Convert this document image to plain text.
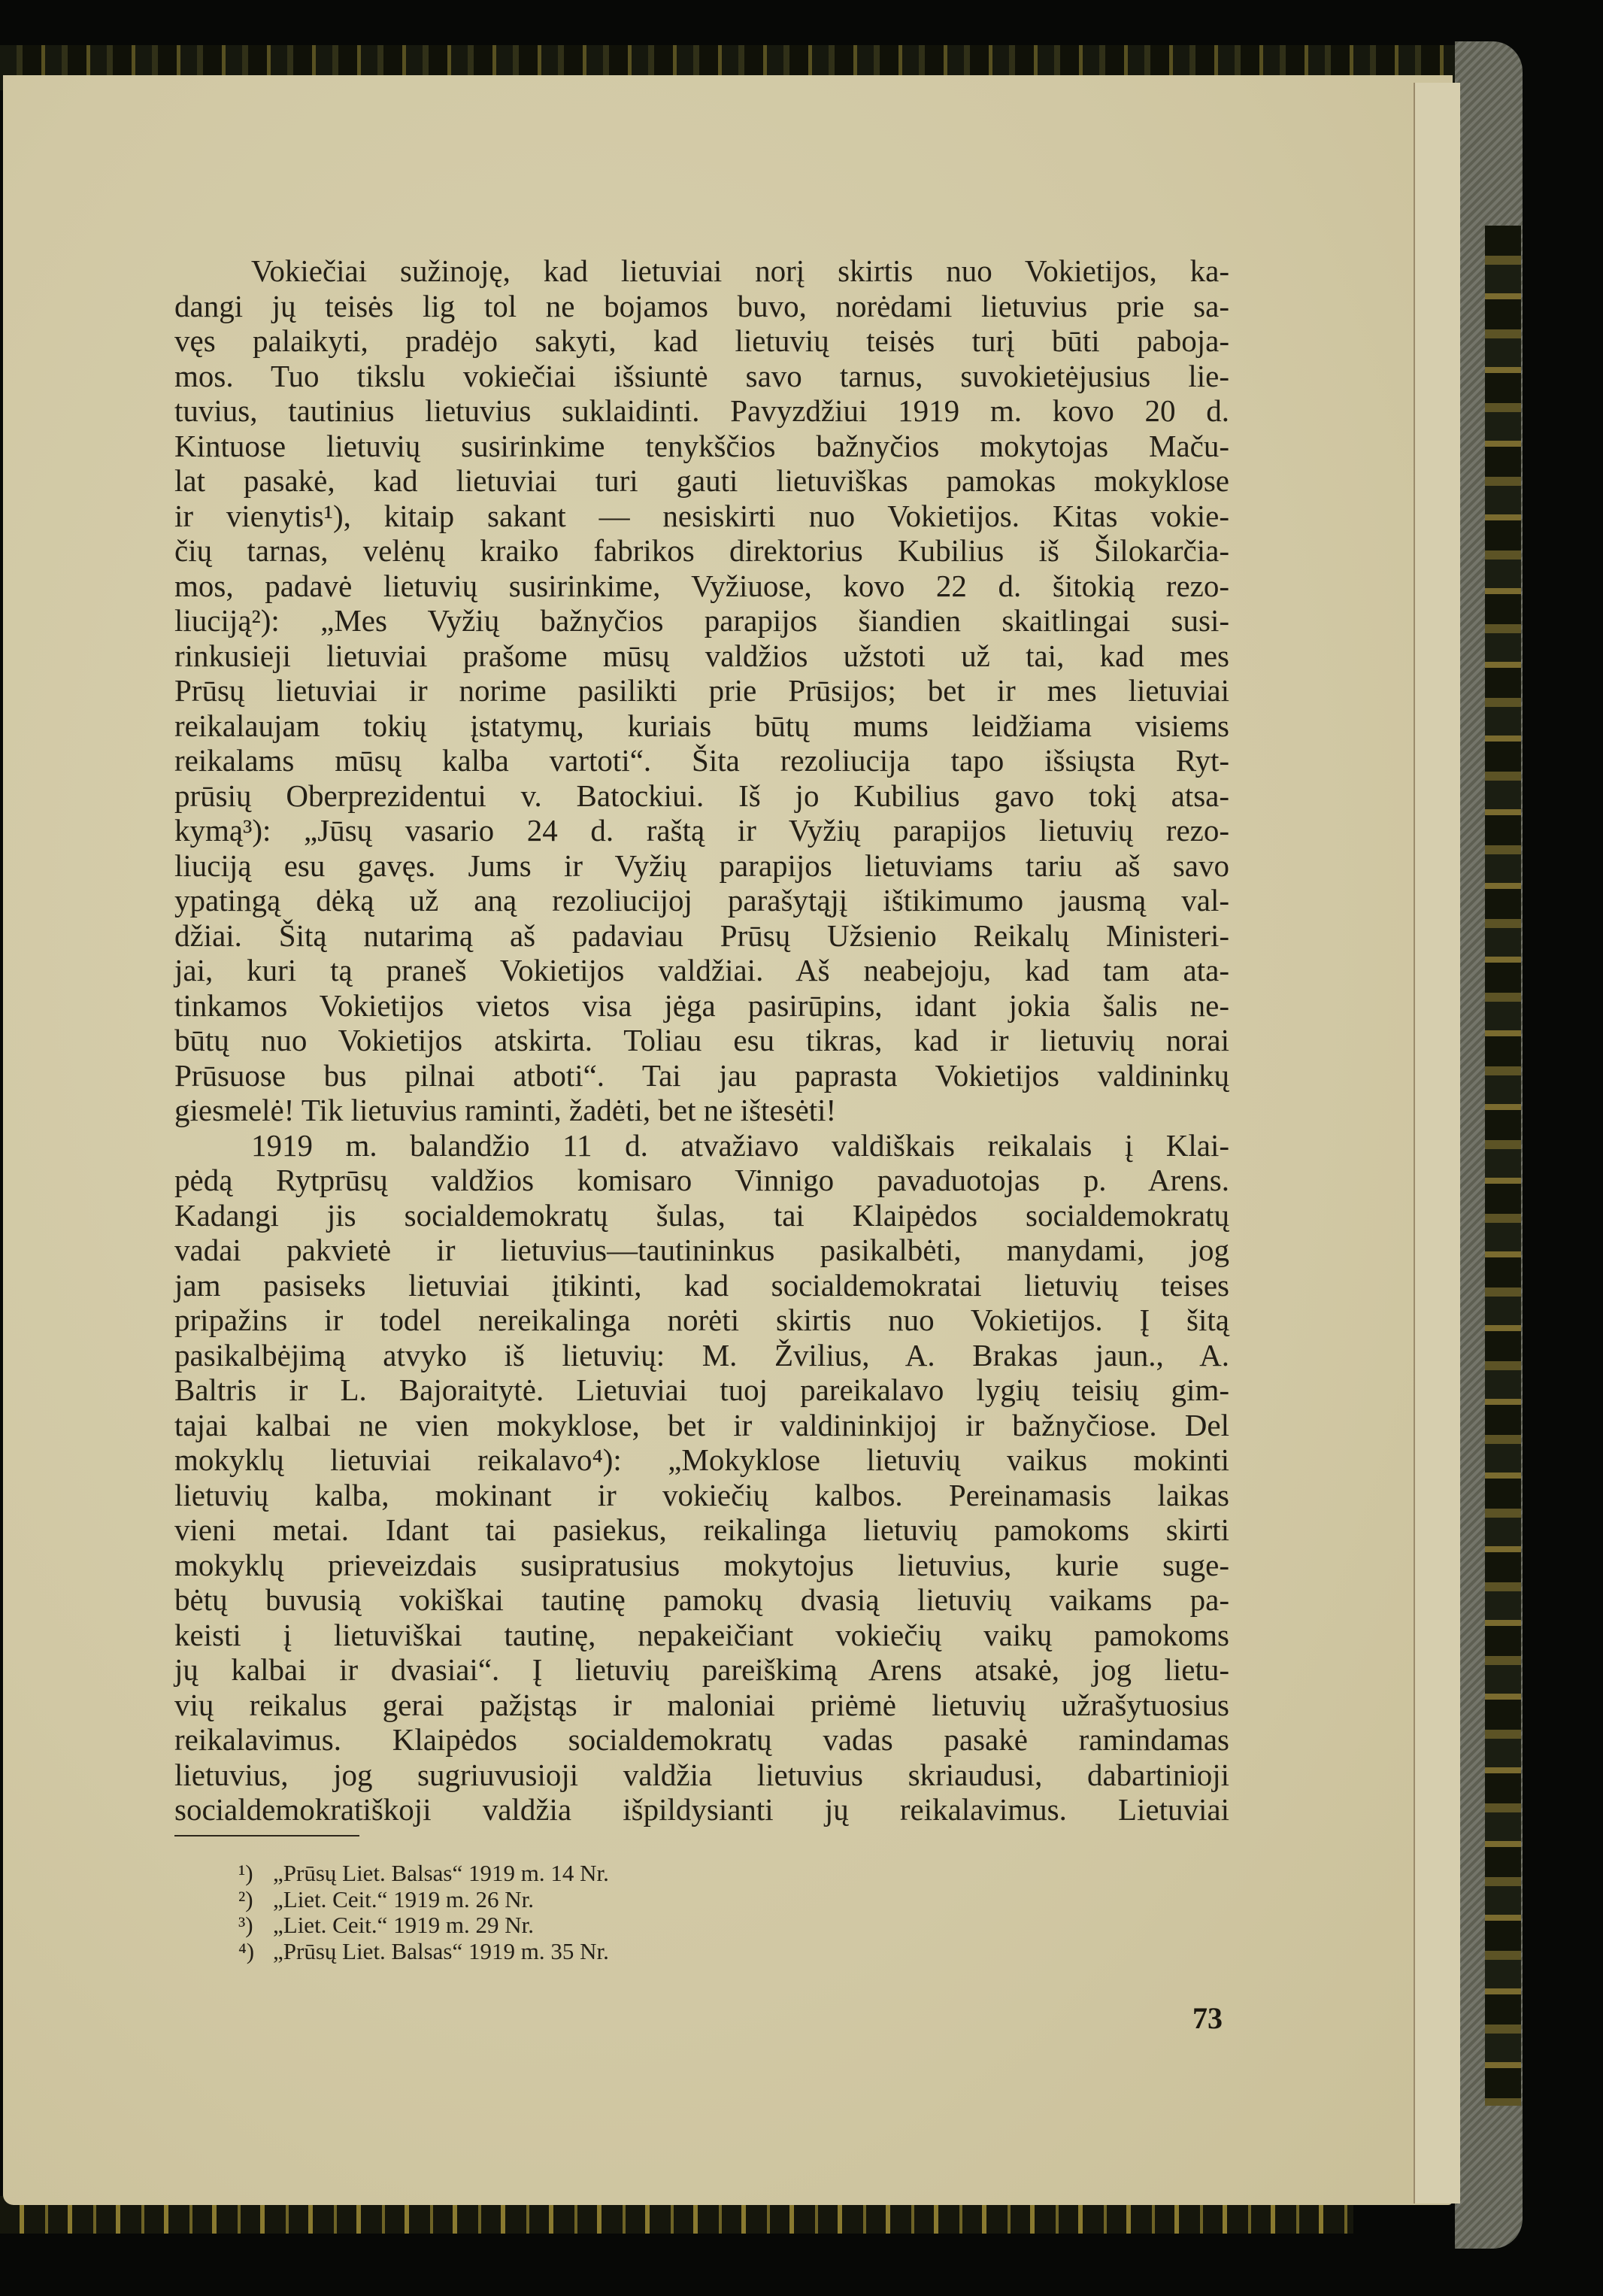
Vokiečiai sužinoję, kad lietuviai norį skirtis nuo Vokietijos, ka-
dangi jų teisės lig tol ne bojamos buvo, norėdami lietuvius prie sa-
vęs palaikyti, pradėjo sakyti, kad lietuvių teisės turį būti paboja-
mos. Tuo tikslu vokiečiai išsiuntė savo tarnus, suvokietėjusius lie-
tuvius, tautinius lietuvius suklaidinti. Pavyzdžiui 1919 m. kovo 20 d.
Kintuose lietuvių susirinkime tenykščios bažnyčios mokytojas Maču-
lat pasakė, kad lietuviai turi gauti lietuviškas pamokas mokyklose
ir vienytis¹), kitaip sakant — nesiskirti nuo Vokietijos. Kitas vokie-
čių tarnas, velėnų kraiko fabrikos direktorius Kubilius iš Šilokarčia-
mos, padavė lietuvių susirinkime, Vyžiuose, kovo 22 d. šitokią rezo-
liuciją²): „Mes Vyžių bažnyčios parapijos šiandien skaitlingai susi-
rinkusieji lietuviai prašome mūsų valdžios užstoti už tai, kad mes
Prūsų lietuviai ir norime pasilikti prie Prūsijos; bet ir mes lietuviai
reikalaujam tokių įstatymų, kuriais būtų mums leidžiama visiems
reikalams mūsų kalba vartoti“. Šita rezoliucija tapo išsiųsta Ryt-
prūsių Oberprezidentui v. Batockiui. Iš jo Kubilius gavo tokį atsa-
kymą³): „Jūsų vasario 24 d. raštą ir Vyžių parapijos lietuvių rezo-
liuciją esu gavęs. Jums ir Vyžių parapijos lietuviams tariu aš savo
ypatingą dėką už aną rezoliucijoj parašytąjį ištikimumo jausmą val-
džiai. Šitą nutarimą aš padaviau Prūsų Užsienio Reikalų Ministeri-
jai, kuri tą praneš Vokietijos valdžiai. Aš neabejoju, kad tam ata-
tinkamos Vokietijos vietos visa jėga pasirūpins, idant jokia šalis ne-
būtų nuo Vokietijos atskirta. Toliau esu tikras, kad ir lietuvių norai
Prūsuose bus pilnai atboti“. Tai jau paprasta Vokietijos valdininkų
giesmelė! Tik lietuvius raminti, žadėti, bet ne ištesėti!
1919 m. balandžio 11 d. atvažiavo valdiškais reikalais į Klai-
pėdą Rytprūsų valdžios komisaro Vinnigo pavaduotojas p. Arens.
Kadangi jis socialdemokratų šulas, tai Klaipėdos socialdemokratų
vadai pakvietė ir lietuvius—tautininkus pasikalbėti, manydami, jog
jam pasiseks lietuviai įtikinti, kad socialdemokratai lietuvių teises
pripažins ir todel nereikalinga norėti skirtis nuo Vokietijos. Į šitą
pasikalbėjimą atvyko iš lietuvių: M. Žvilius, A. Brakas jaun., A.
Baltris ir L. Bajoraitytė. Lietuviai tuoj pareikalavo lygių teisių gim-
tajai kalbai ne vien mokyklose, bet ir valdininkijoj ir bažnyčiose. Del
mokyklų lietuviai reikalavo⁴): „Mokyklose lietuvių vaikus mokinti
lietuvių kalba, mokinant ir vokiečių kalbos. Pereinamasis laikas
vieni metai. Idant tai pasiekus, reikalinga lietuvių pamokoms skirti
mokyklų prieveizdais susipratusius mokytojus lietuvius, kurie suge-
bėtų buvusią vokiškai tautinę pamokų dvasią lietuvių vaikams pa-
keisti į lietuviškai tautinę, nepakeičiant vokiečių vaikų pamokoms
jų kalbai ir dvasiai“. Į lietuvių pareiškimą Arens atsakė, jog lietu-
vių reikalus gerai pažįstąs ir maloniai priėmė lietuvių užrašytuosius
reikalavimus. Klaipėdos socialdemokratų vadas pasakė ramindamas
lietuvius, jog sugriuvusioji valdžia lietuvius skriaudusi, dabartinioji
socialdemokratiškoji valdžia išpildysianti jų reikalavimus. Lietuviai
¹) „Prūsų Liet. Balsas“ 1919 m. 14 Nr.
²) „Liet. Ceit.“ 1919 m. 26 Nr.
³) „Liet. Ceit.“ 1919 m. 29 Nr.
⁴) „Prūsų Liet. Balsas“ 1919 m. 35 Nr.
73
